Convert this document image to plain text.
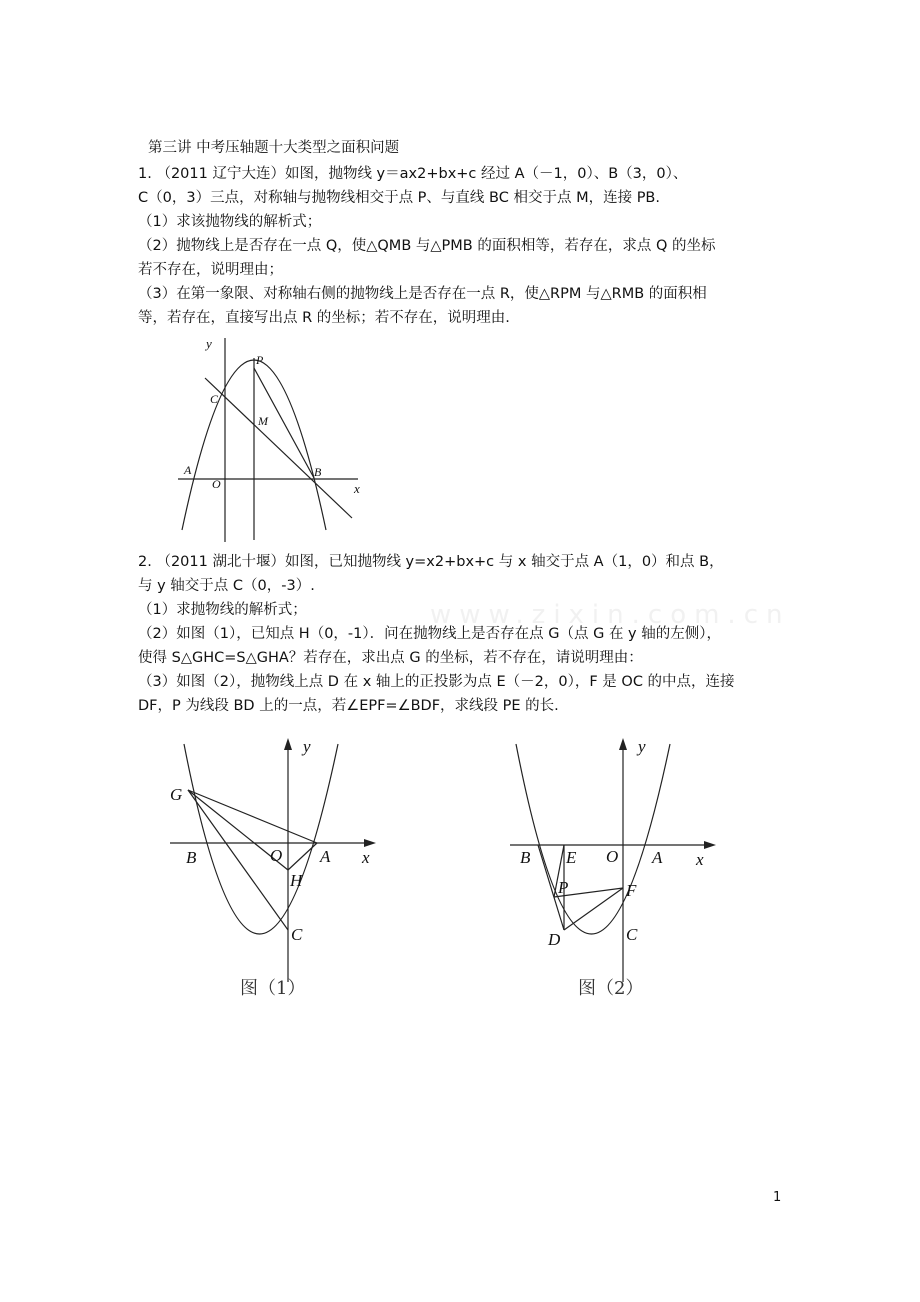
第三讲 中考压轴题十大类型之面积问题
1. （2011 辽宁大连）如图，抛物线 y＝ax2+bx+c 经过 A（－1，0）、B（3，0）、
C（0，3）三点，对称轴与抛物线相交于点 P、与直线 BC 相交于点 M，连接 PB.
（1）求该抛物线的解析式；
（2）抛物线上是否存在一点 Q，使△QMB 与△PMB 的面积相等，若存在，求点 Q 的坐标
若不存在，说明理由；
（3）在第一象限、对称轴右侧的抛物线上是否存在一点 R，使△RPM 与△RMB 的面积相
等，若存在，直接写出点 R 的坐标；若不存在，说明理由.
y
x
P
C
M
A
O
B
2. （2011 湖北十堰）如图，已知抛物线 y=x2+bx+c 与 x 轴交于点 A（1，0）和点 B，
与 y 轴交于点 C（0，-3）.
（1）求抛物线的解析式；
（2）如图（1），已知点 H（0，-1）．问在抛物线上是否存在点 G（点 G 在 y 轴的左侧），
使得 S△GHC=S△GHA？若存在，求出点 G 的坐标，若不存在，请说明理由：
（3）如图（2），抛物线上点 D 在 x 轴上的正投影为点 E（－2，0），F 是 OC 的中点，连接
DF，P 为线段 BD 上的一点，若∠EPF=∠BDF，求线段 PE 的长.
www.zixin.com.cn
y
x
G
B	O A
H
C
图（1）
y
x
B E O A
P	F
D	C
图（2）
1
